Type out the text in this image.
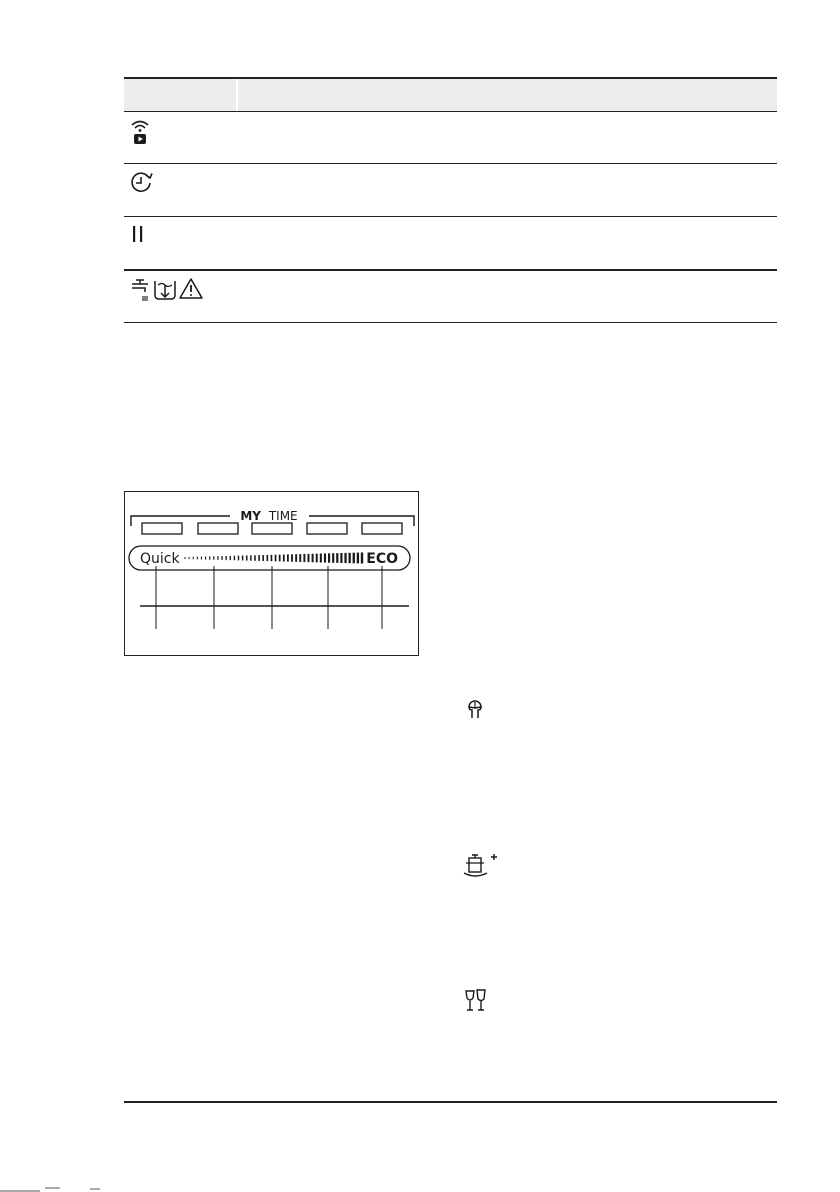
MY TIME
Quick	ECO
